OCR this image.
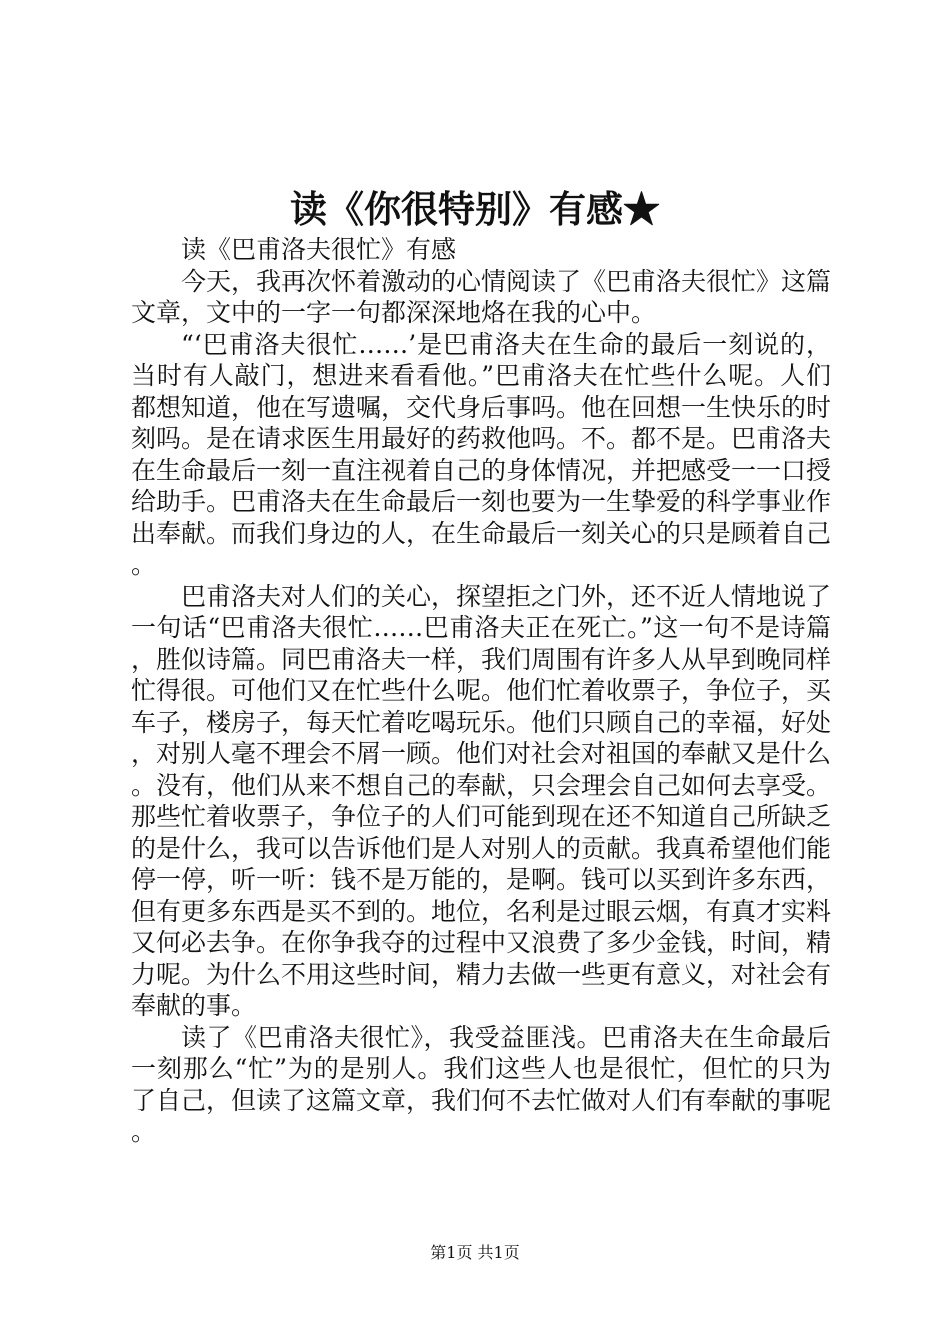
读《你很特别》有感★

读《巴甫洛夫很忙》有感

今天，我再次怀着激动的心情阅读了《巴甫洛夫很忙》这篇文章，文中的一字一句都深深地烙在我的心中。

“‘巴甫洛夫很忙……’是巴甫洛夫在生命的最后一刻说的，当时有人敲门，想进来看看他。”巴甫洛夫在忙些什么呢。人们都想知道，他在写遗嘱，交代身后事吗。他在回想一生快乐的时刻吗。是在请求医生用最好的药救他吗。不。都不是。巴甫洛夫在生命最后一刻一直注视着自己的身体情况，并把感受一一口授给助手。巴甫洛夫在生命最后一刻也要为一生挚爱的科学事业作出奉献。而我们身边的人，在生命最后一刻关心的只是顾着自己。

巴甫洛夫对人们的关心，探望拒之门外，还不近人情地说了一句话“巴甫洛夫很忙……巴甫洛夫正在死亡。”这一句不是诗篇，胜似诗篇。同巴甫洛夫一样，我们周围有许多人从早到晚同样忙得很。可他们又在忙些什么呢。他们忙着收票子，争位子，买车子，楼房子，每天忙着吃喝玩乐。他们只顾自己的幸福，好处，对别人毫不理会不屑一顾。他们对社会对祖国的奉献又是什么。没有，他们从来不想自己的奉献，只会理会自己如何去享受。那些忙着收票子，争位子的人们可能到现在还不知道自己所缺乏的是什么，我可以告诉他们是人对别人的贡献。我真希望他们能停一停，听一听：钱不是万能的，是啊。钱可以买到许多东西，但有更多东西是买不到的。地位，名利是过眼云烟，有真才实料又何必去争。在你争我夺的过程中又浪费了多少金钱，时间，精力呢。为什么不用这些时间，精力去做一些更有意义，对社会有奉献的事。

读了《巴甫洛夫很忙》，我受益匪浅。巴甫洛夫在生命最后一刻那么“忙”为的是别人。我们这些人也是很忙，但忙的只为了自己，但读了这篇文章，我们何不去忙做对人们有奉献的事呢。

第1页 共1页
